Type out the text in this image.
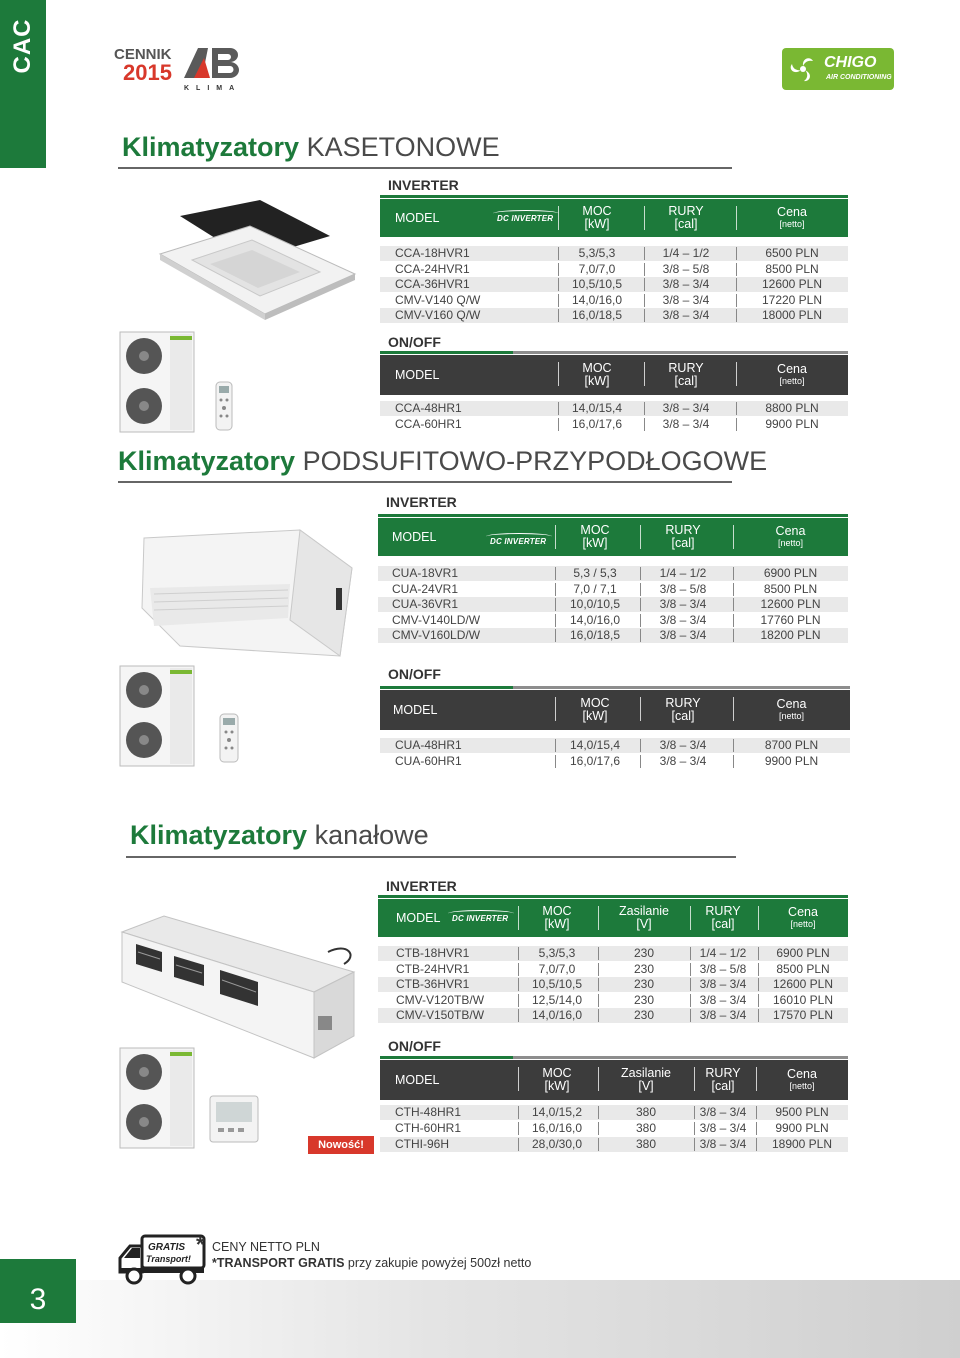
CAC	CENNIK
2015
KLIMA
CHIGO
AIR CONDITIONING
Klimatyzatory KASETONOWE
INVERTER
MODEL	DC INVERTER
MOC
[kW]
RURY
[cal]
Cena
[netto]
CCA-18HVR1	5,3/5,3	1/4 – 1/2	6500 PLN
CCA-24HVR1	7,0/7,0	3/8 – 5/8	8500 PLN
CCA-36HVR1	10,5/10,5	3/8 – 3/4	12600 PLN
CMV-V140 Q/W	14,0/16,0	3/8 – 3/4	17220 PLN
CMV-V160 Q/W	16,0/18,5	3/8 – 3/4	18000 PLN
ON/OFF
MODEL	MOC
[kW]
RURY
[cal]
Cena
[netto]
CCA-48HR1	14,0/15,4	3/8 – 3/4	8800 PLN
CCA-60HR1	16,0/17,6	3/8 – 3/4	9900 PLN
Klimatyzatory PODSUFITOWO-PRZYPODŁOGOWE
INVERTER
MODEL	DC INVERTER
MOC
[kW]
RURY
[cal]
Cena
[netto]
CUA-18VR1	5,3 / 5,3	1/4 – 1/2	6900 PLN
CUA-24VR1	7,0 / 7,1	3/8 – 5/8	8500 PLN
CUA-36VR1	10,0/10,5	3/8 – 3/4	12600 PLN
CMV-V140LD/W	14,0/16,0	3/8 – 3/4	17760 PLN
CMV-V160LD/W	16,0/18,5	3/8 – 3/4	18200 PLN
ON/OFF
MODEL	MOC
[kW]
RURY
[cal]
Cena
[netto]
CUA-48HR1	14,0/15,4	3/8 – 3/4	8700 PLN
CUA-60HR1	16,0/17,6	3/8 – 3/4	9900 PLN
Klimatyzatory kanałowe
INVERTER
MODEL DC INVERTER
MOC
[kW]
Zasilanie
[V]
RURY
[cal]
Cena
[netto]
CTB-18HVR1	5,3/5,3	230	1/4 – 1/2	6900 PLN
CTB-24HVR1	7,0/7,0	230	3/8 – 5/8	8500 PLN
CTB-36HVR1	10,5/10,5	230	3/8 – 3/4	12600 PLN
CMV-V120TB/W	12,5/14,0	230	3/8 – 3/4	16010 PLN
CMV-V150TB/W	14,0/16,0	230	3/8 – 3/4	17570 PLN
ON/OFF
MODEL	MOC
[kW]
Zasilanie
[V]
RURY
[cal]
Cena
[netto]
CTH-48HR1	14,0/15,2	380	3/8 – 3/4	9500 PLN
CTH-60HR1	16,0/16,0	380	3/8 – 3/4	9900 PLN
CTHI-96H	28,0/30,0	380	3/8 – 3/4	18900 PLN
Nowość!
3
GRATIS
Transport!
* CENY NETTO PLN
*TRANSPORT GRATIS przy zakupie powyżej 500zł netto
